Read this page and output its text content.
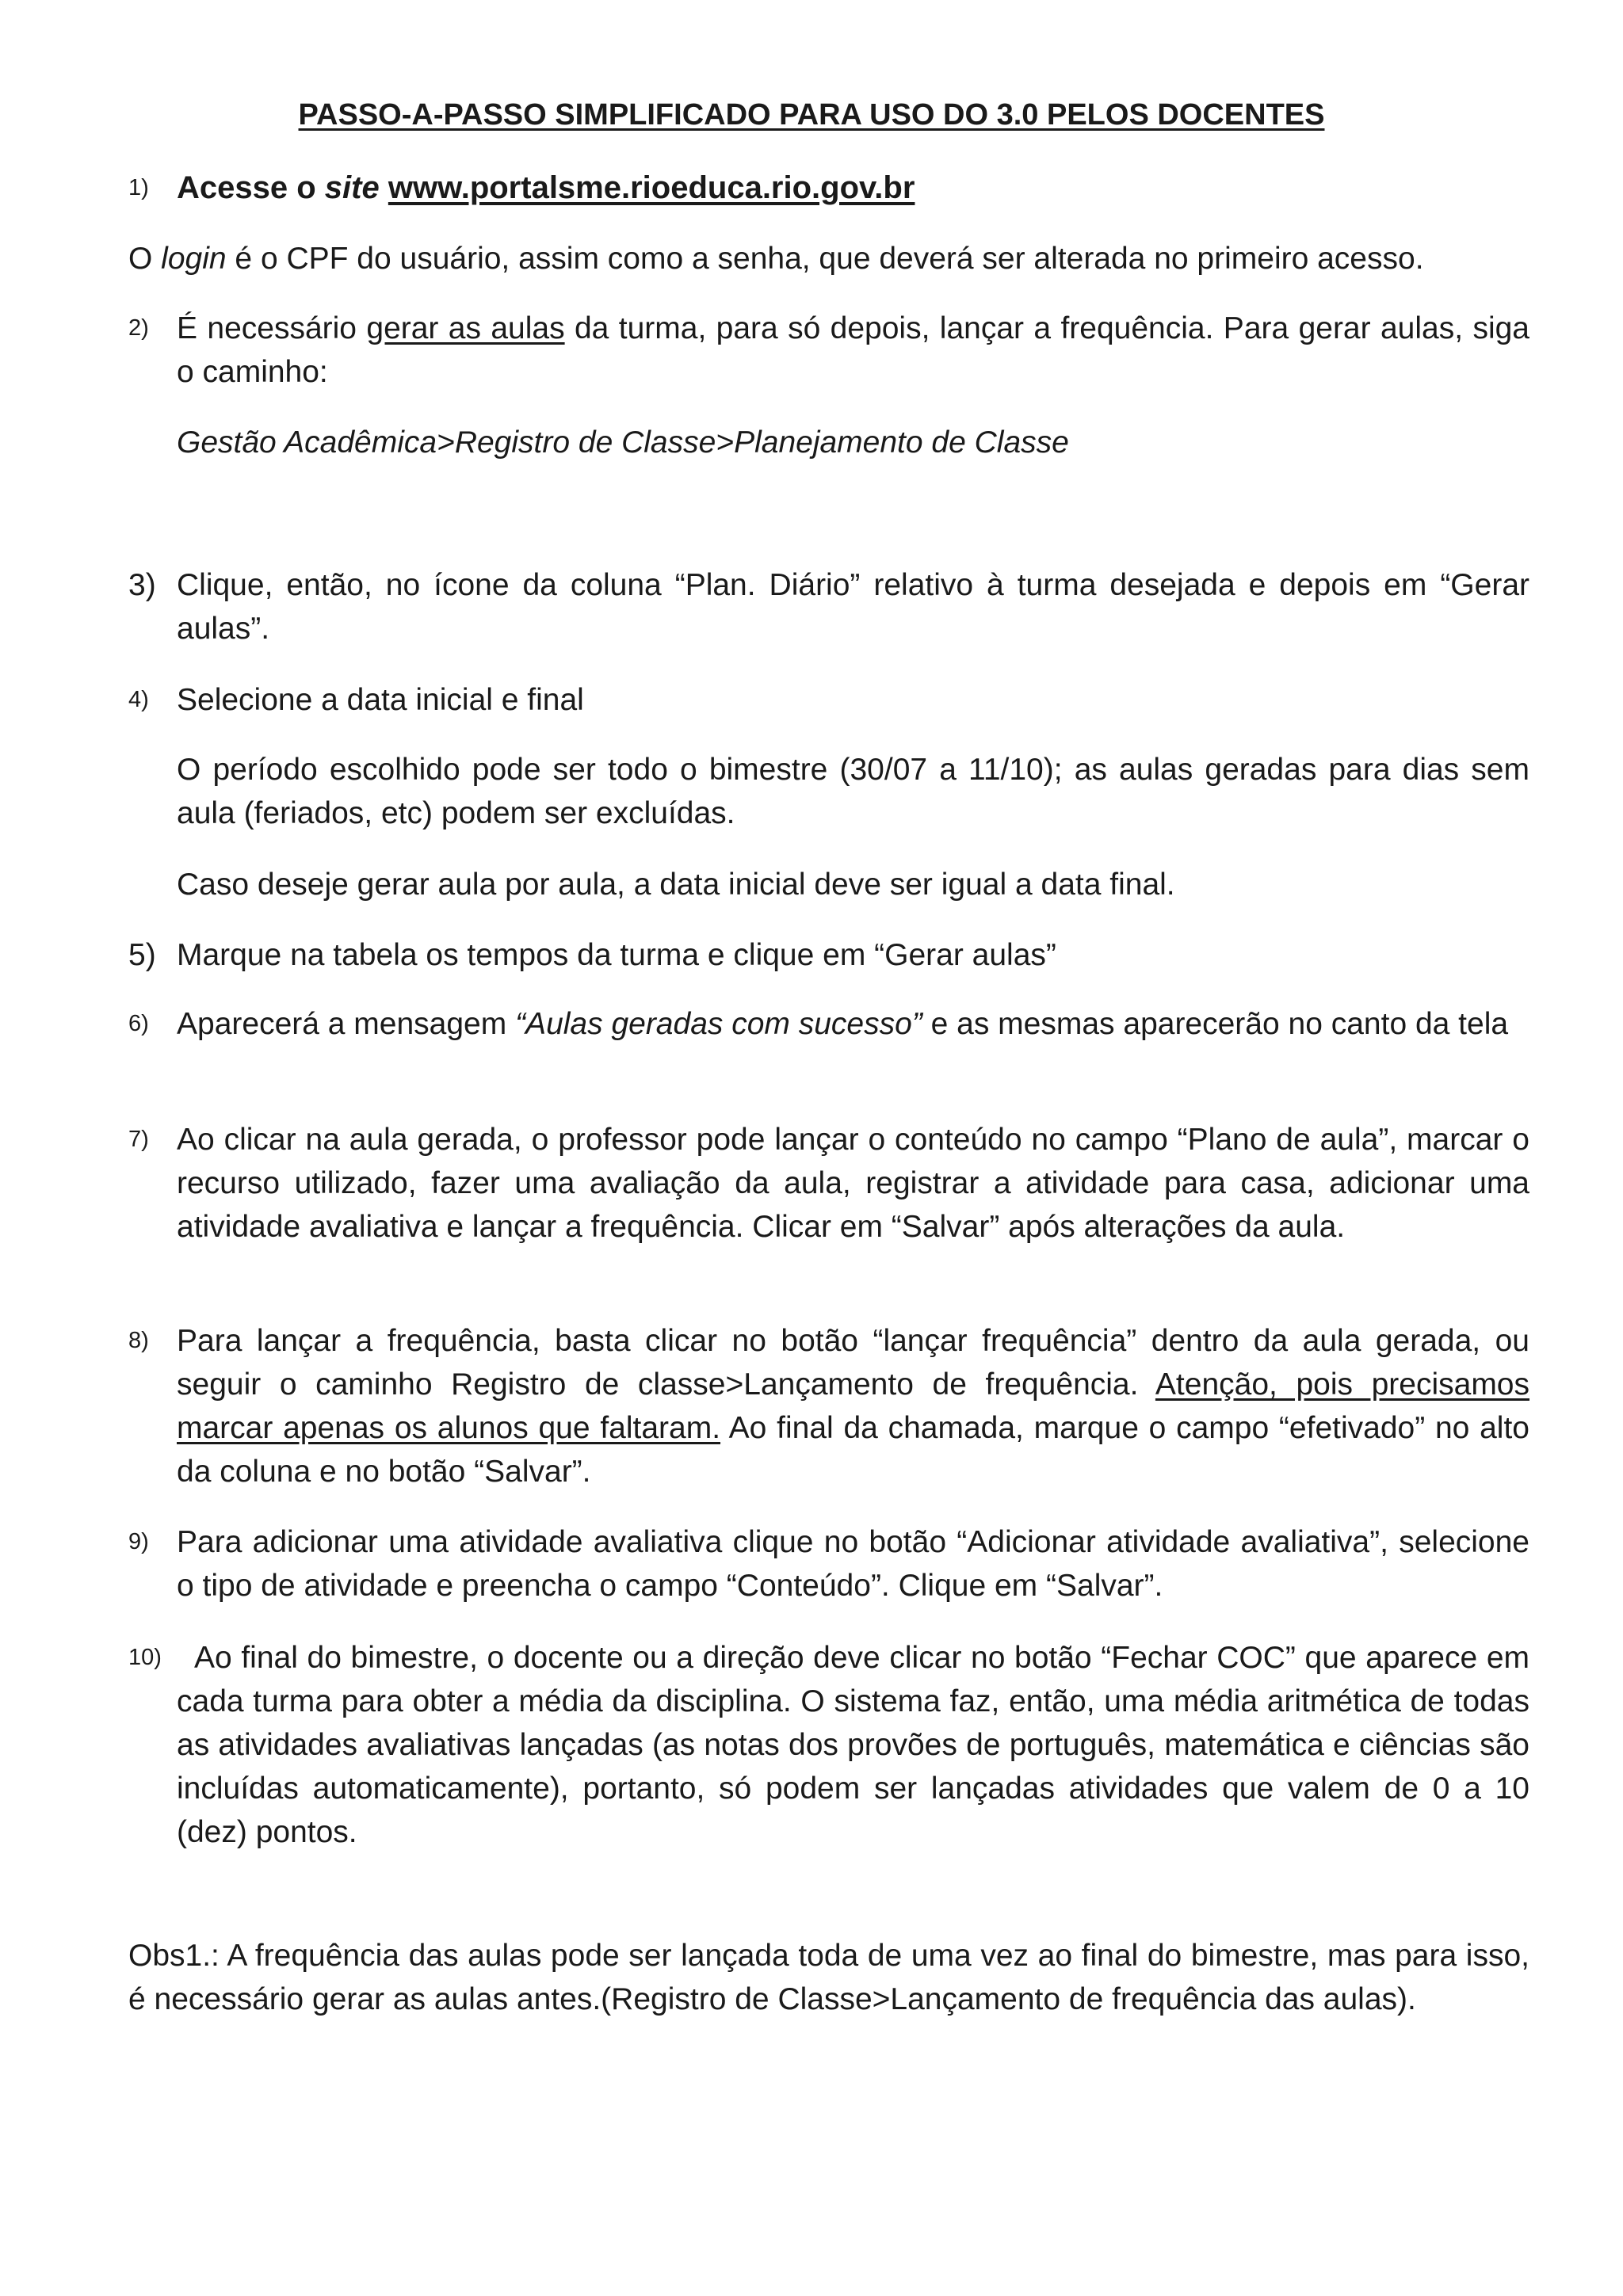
PASSO-A-PASSO SIMPLIFICADO PARA USO DO 3.0 PELOS DOCENTES
1) Acesse o site www.portalsme.rioeduca.rio.gov.br
O login é o CPF do usuário, assim como a senha, que deverá ser alterada no primeiro acesso.
2) É necessário gerar as aulas da turma, para só depois, lançar a frequência. Para gerar aulas, siga o caminho:
Gestão Acadêmica>Registro de Classe>Planejamento de Classe
3) Clique, então, no ícone da coluna “Plan. Diário” relativo à turma desejada e depois em “Gerar aulas”.
4) Selecione a data inicial e final
O período escolhido pode ser todo o bimestre (30/07 a 11/10); as aulas geradas para dias sem aula (feriados, etc) podem ser excluídas.
Caso deseje gerar aula por aula, a data inicial deve ser igual a data final.
5) Marque na tabela os tempos da turma e clique em “Gerar aulas”
6) Aparecerá a mensagem “Aulas geradas com sucesso” e as mesmas aparecerão no canto da tela
7) Ao clicar na aula gerada, o professor pode lançar o conteúdo no campo “Plano de aula”, marcar o recurso utilizado, fazer uma avaliação da aula, registrar a atividade para casa, adicionar uma atividade avaliativa e lançar a frequência. Clicar em “Salvar” após alterações da aula.
8) Para lançar a frequência, basta clicar no botão “lançar frequência” dentro da aula gerada, ou seguir o caminho Registro de classe>Lançamento de frequência. Atenção, pois precisamos marcar apenas os alunos que faltaram. Ao final da chamada, marque o campo “efetivado” no alto da coluna e no botão “Salvar”.
9) Para adicionar uma atividade avaliativa clique no botão “Adicionar atividade avaliativa”, selecione o tipo de atividade e preencha o campo “Conteúdo”. Clique em “Salvar”.
10)	Ao final do bimestre, o docente ou a direção deve clicar no botão “Fechar COC” que aparece em cada turma para obter a média da disciplina. O sistema faz, então, uma média aritmética de todas as atividades avaliativas lançadas (as notas dos provões de português, matemática e ciências são incluídas automaticamente), portanto, só podem ser lançadas atividades que valem de 0 a 10 (dez) pontos.
Obs1.: A frequência das aulas pode ser lançada toda de uma vez ao final do bimestre, mas para isso, é necessário gerar as aulas antes.(Registro de Classe>Lançamento de frequência das aulas).
